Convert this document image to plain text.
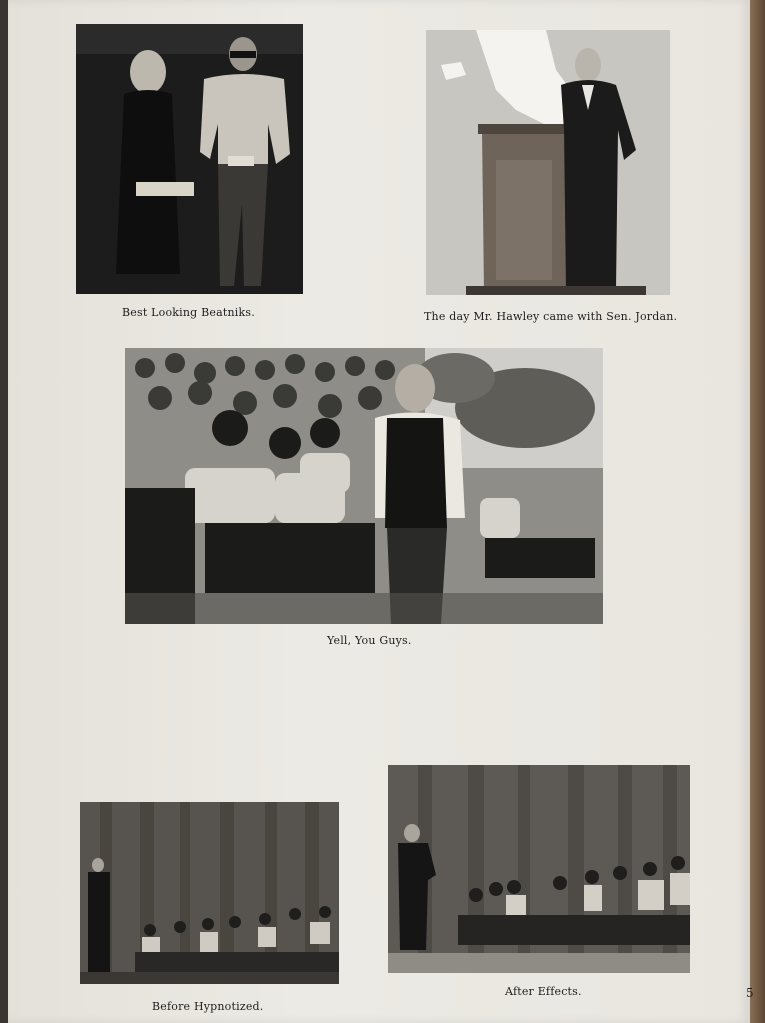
Best Looking Beatniks.	The day Mr. Hawley came with Sen. Jordan.
Yell, You Guys.
Before Hypnotized.
After Effects.	5
